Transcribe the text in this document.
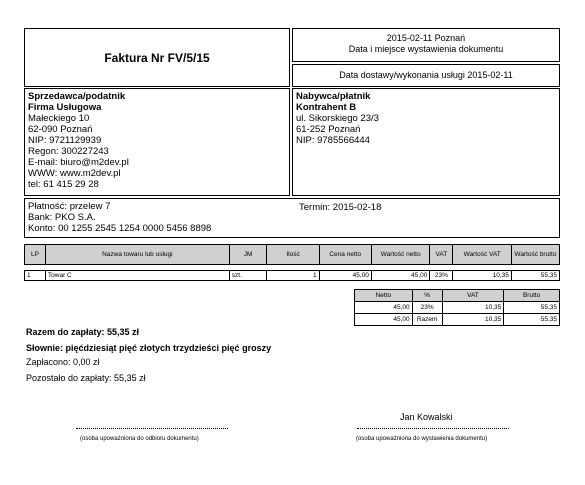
Faktura Nr FV/5/15
2015-02-11 Poznań
Data i miejsce wystawienia dokumentu
Data dostawy/wykonania usługi 2015-02-11
Sprzedawca/podatnik
Firma Usługowa
Małeckiego 10
62-090 Poznań
NIP: 9721129939
Regon: 300227243
E-mail: biuro@m2dev.pl
WWW: www.m2dev.pl
tel: 61 415 29 28
Nabywca/płatnik
Kontrahent B
ul. Sikorskiego 23/3
61-252 Poznań
NIP: 9785566444
Płatność: przelew 7
Bank: PKO S.A.
Konto: 00 1255 2545 1254 0000 5456 8898
Termin: 2015-02-18
LP	Nazwa towaru lub usługi	JM	Ilość	Cena netto	Wartość netto	VAT	Wartość VAT	Wartość brutto

1	Towar C	szt.	1	45,00	45,00	23%	10,35	55,35
Netto	%	VAT	Brutto
45,00	23%	10,35	55,35
45,00	Razem	10,35	55,35
Razem do zapłaty: 55,35 zł
Słownie: pięćdziesiąt pięć złotych trzydzieści pięć groszy
Zapłacono: 0,00 zł
Pozostało do zapłaty: 55,35 zł
Jan Kowalski
(osoba upoważniona do odbioru dokumentu)	(osoba upoważniona do wystawienia dokumentu)
